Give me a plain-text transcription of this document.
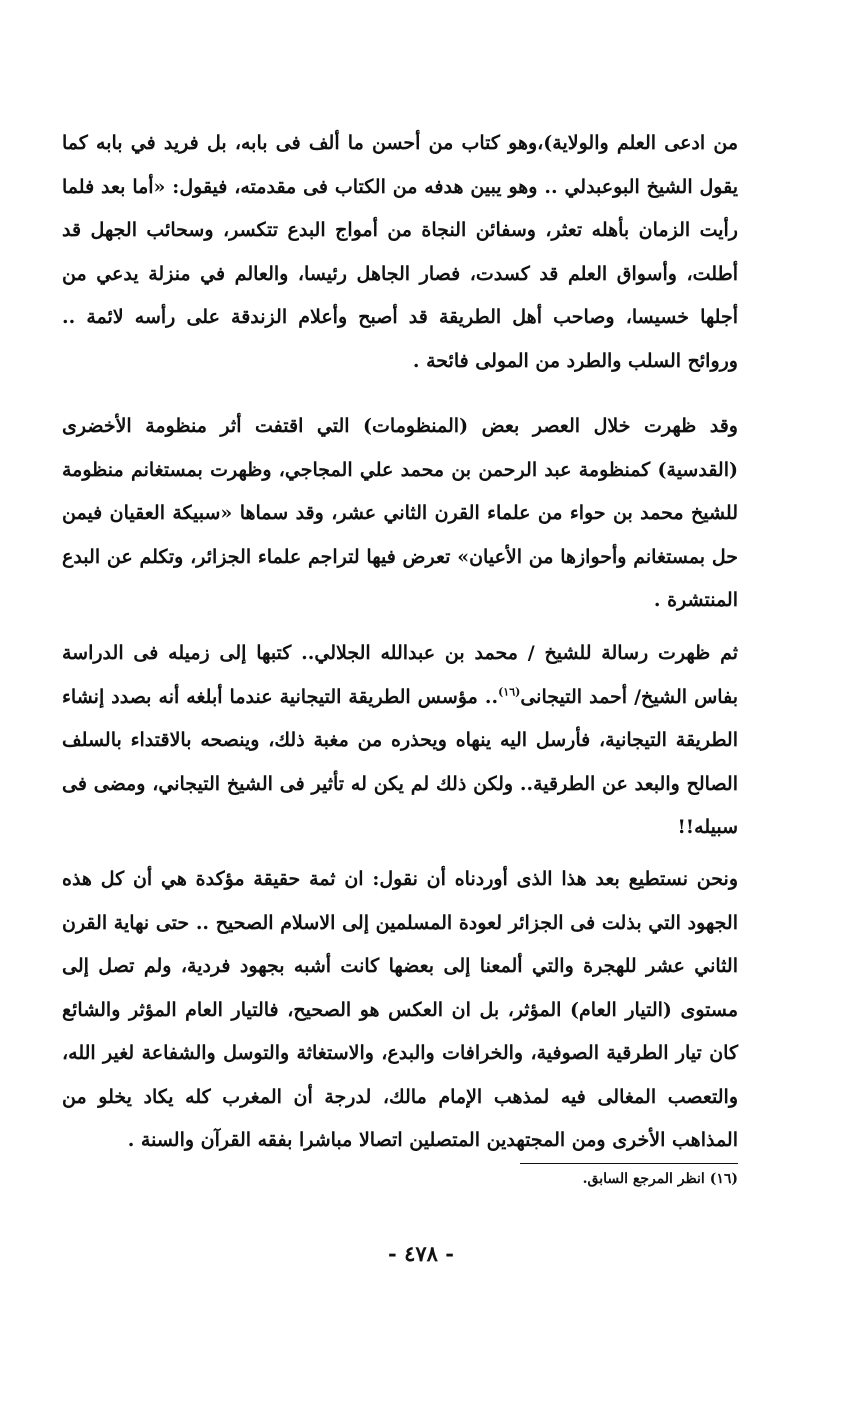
من ادعى العلم والولاية)،وهو كتاب من أحسن ما ألف فى بابه، بل فريد في بابه كما يقول الشيخ البوعبدلي .. وهو يبين هدفه من الكتاب فى مقدمته، فيقول: «أما بعد فلما رأيت الزمان بأهله تعثر، وسفائن النجاة من أمواج البدع تتكسر، وسحائب الجهل قد أطلت، وأسواق العلم قد كسدت، فصار الجاهل رئيسا، والعالم في منزلة يدعي من أجلها خسيسا، وصاحب أهل الطريقة قد أصبح وأعلام الزندقة على رأسه لائمة .. وروائح السلب والطرد من المولى فائحة .

وقد ظهرت خلال العصر بعض (المنظومات) التي اقتفت أثر منظومة الأخضرى (القدسية) كمنظومة عبد الرحمن بن محمد علي المجاجي، وظهرت بمستغانم منظومة للشيخ محمد بن حواء من علماء القرن الثاني عشر، وقد سماها «سبيكة العقيان فيمن حل بمستغانم وأحوازها من الأعيان» تعرض فيها لتراجم علماء الجزائر، وتكلم عن البدع المنتشرة .

ثم ظهرت رسالة للشيخ / محمد بن عبدالله الجلالي.. كتبها إلى زميله فى الدراسة بفاس الشيخ/ أحمد التيجانى$^{(١٦)}$.. مؤسس الطريقة التيجانية عندما أبلغه أنه بصدد إنشاء الطريقة التيجانية، فأرسل اليه ينهاه ويحذره من مغبة ذلك، وينصحه بالاقتداء بالسلف الصالح والبعد عن الطرقية.. ولكن ذلك لم يكن له تأثير فى الشيخ التيجاني، ومضى فى سبيله!!

ونحن نستطيع بعد هذا الذى أوردناه أن نقول: ان ثمة حقيقة مؤكدة هي أن كل هذه الجهود التي بذلت فى الجزائر لعودة المسلمين إلى الاسلام الصحيح .. حتى نهاية القرن الثاني عشر للهجرة والتي ألمعنا إلى بعضها كانت أشبه بجهود فردية، ولم تصل إلى مستوى (التيار العام) المؤثر، بل ان العكس هو الصحيح، فالتيار العام المؤثر والشائع كان تيار الطرقية الصوفية، والخرافات والبدع، والاستغاثة والتوسل والشفاعة لغير الله، والتعصب المغالى فيه لمذهب الإمام مالك، لدرجة أن المغرب كله يكاد يخلو من المذاهب الأخرى ومن المجتهدين المتصلين اتصالا مباشرا بفقه القرآن والسنة .

(١٦) انظر المرجع السابق.

- ٤٧٨ -
